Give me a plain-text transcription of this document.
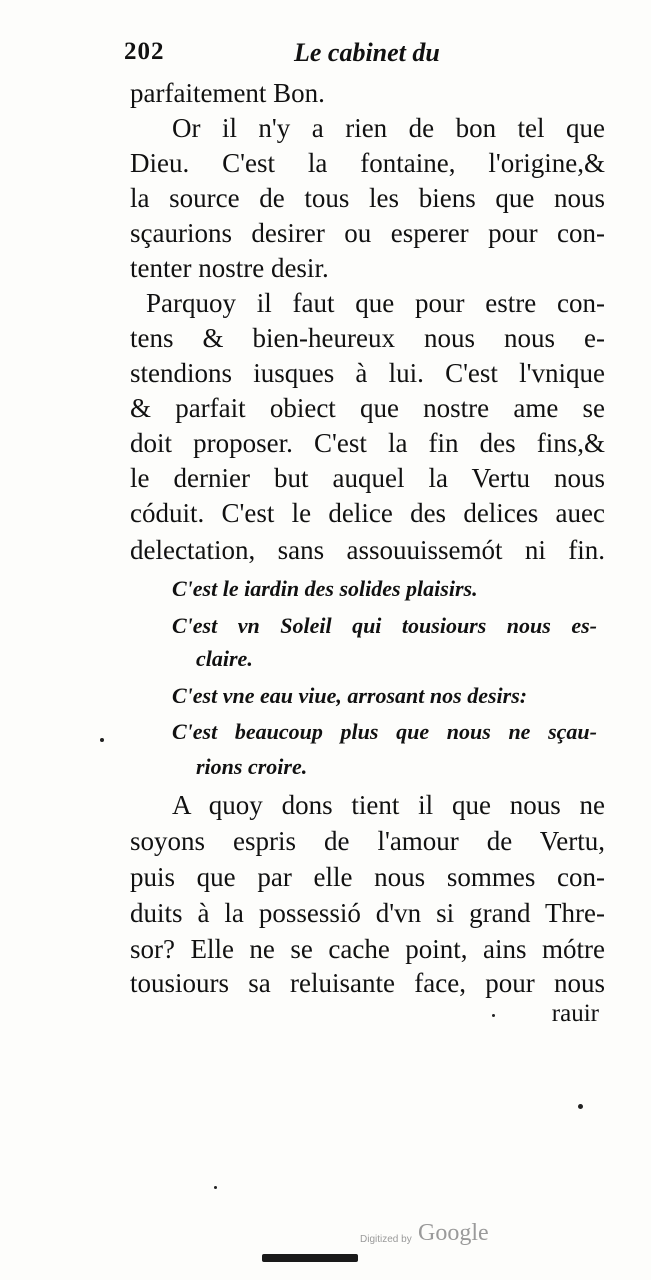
202	Le cabinet du
parfaitement Bon.
Or il n'y a rien de bon tel que
Dieu. C'est la fontaine, l'origine,&
la source de tous les biens que nous
sçaurions desirer ou esperer pour con-
tenter nostre desir.
Parquoy il faut que pour estre con-
tens & bien-heureux nous nous e-
stendions iusques à lui. C'est l'vnique
& parfait obiect que nostre ame se
doit proposer. C'est la fin des fins,&
le dernier but auquel la Vertu nous
códuit. C'est le delice des delices auec
delectation, sans assouuissemót ni fin.
C'est le iardin des solides plaisirs.
C'est vn Soleil qui tousiours nous es-
claire.
C'est vne eau viue, arrosant nos desirs:
C'est beaucoup plus que nous ne sçau-
rions croire.
A quoy dons tient il que nous ne
soyons espris de l'amour de Vertu,
puis que par elle nous sommes con-
duits à la possessió d'vn si grand Thre-
sor? Elle ne se cache point, ains mótre
tousiours sa reluisante face, pour nous
rauir
Digitized by Google
